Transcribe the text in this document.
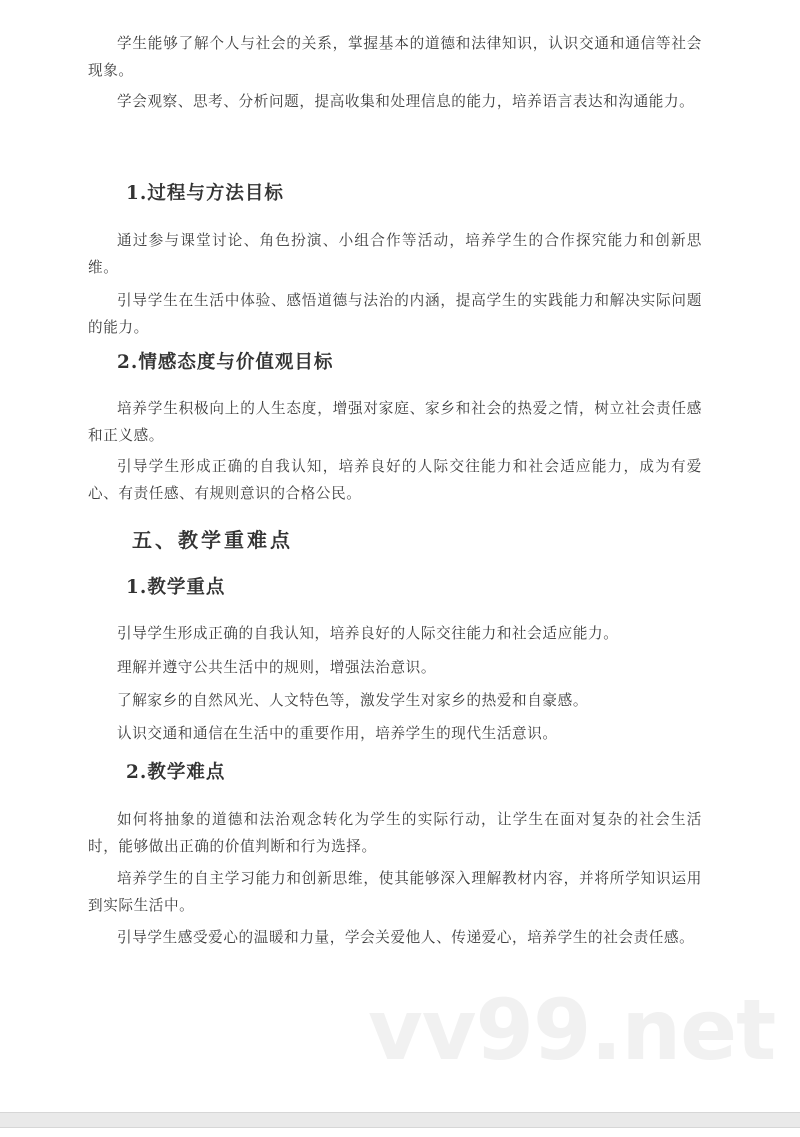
学生能够了解个人与社会的关系，掌握基本的道德和法律知识，认识交通和通信等社会现象。

学会观察、思考、分析问题，提高收集和处理信息的能力，培养语言表达和沟通能力。

1.过程与方法目标

通过参与课堂讨论、角色扮演、小组合作等活动，培养学生的合作探究能力和创新思维。

引导学生在生活中体验、感悟道德与法治的内涵，提高学生的实践能力和解决实际问题的能力。

2.情感态度与价值观目标

培养学生积极向上的人生态度，增强对家庭、家乡和社会的热爱之情，树立社会责任感和正义感。

引导学生形成正确的自我认知，培养良好的人际交往能力和社会适应能力，成为有爱心、有责任感、有规则意识的合格公民。

五、教学重难点
1.教学重点

引导学生形成正确的自我认知，培养良好的人际交往能力和社会适应能力。

理解并遵守公共生活中的规则，增强法治意识。

了解家乡的自然风光、人文特色等，激发学生对家乡的热爱和自豪感。

认识交通和通信在生活中的重要作用，培养学生的现代生活意识。

2.教学难点

如何将抽象的道德和法治观念转化为学生的实际行动，让学生在面对复杂的社会生活时，能够做出正确的价值判断和行为选择。

培养学生的自主学习能力和创新思维，使其能够深入理解教材内容，并将所学知识运用到实际生活中。

引导学生感受爱心的温暖和力量，学会关爱他人、传递爱心，培养学生的社会责任感。

vv99.net
